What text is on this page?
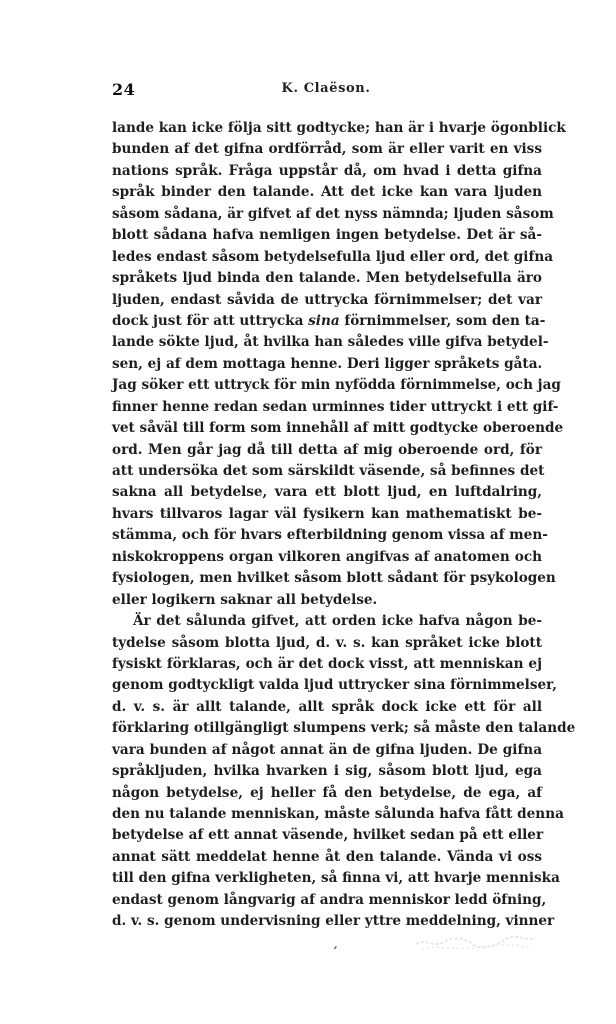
24	K. Claëson.
lande kan icke följa sitt godtycke; han är i hvarje ögonblick
bunden af det gifna ordförråd, som är eller varit en viss
nations språk. Fråga uppstår då, om hvad i detta gifna
språk binder den talande. Att det icke kan vara ljuden
såsom sådana, är gifvet af det nyss nämnda; ljuden såsom
blott sådana hafva nemligen ingen betydelse. Det är så-
ledes endast såsom betydelsefulla ljud eller ord, det gifna
språkets ljud binda den talande. Men betydelsefulla äro
ljuden, endast såvida de uttrycka förnimmelser; det var
dock just för att uttrycka sina förnimmelser, som den ta-
lande sökte ljud, åt hvilka han således ville gifva betydel-
sen, ej af dem mottaga henne. Deri ligger språkets gåta.
Jag söker ett uttryck för min nyfödda förnimmelse, och jag
finner henne redan sedan urminnes tider uttryckt i ett gif-
vet såväl till form som innehåll af mitt godtycke oberoende
ord. Men går jag då till detta af mig oberoende ord, för
att undersöka det som särskildt väsende, så befinnes det
sakna all betydelse, vara ett blott ljud, en luftdalring,
hvars tillvaros lagar väl fysikern kan mathematiskt be-
stämma, och för hvars efterbildning genom vissa af men-
niskokroppens organ vilkoren angifvas af anatomen och
fysiologen, men hvilket såsom blott sådant för psykologen
eller logikern saknar all betydelse.
Är det sålunda gifvet, att orden icke hafva någon be-
tydelse såsom blotta ljud, d. v. s. kan språket icke blott
fysiskt förklaras, och är det dock visst, att menniskan ej
genom godtyckligt valda ljud uttrycker sina förnimmelser,
d. v. s. är allt talande, allt språk dock icke ett för all
förklaring otillgängligt slumpens verk; så måste den talande
vara bunden af något annat än de gifna ljuden. De gifna
språkljuden, hvilka hvarken i sig, såsom blott ljud, ega
någon betydelse, ej heller få den betydelse, de ega, af
den nu talande menniskan, måste sålunda hafva fått denna
betydelse af ett annat väsende, hvilket sedan på ett eller
annat sätt meddelat henne åt den talande. Vända vi oss
till den gifna verkligheten, så finna vi, att hvarje menniska
endast genom långvarig af andra menniskor ledd öfning,
d. v. s. genom undervisning eller yttre meddelning, vinner
ʼ
